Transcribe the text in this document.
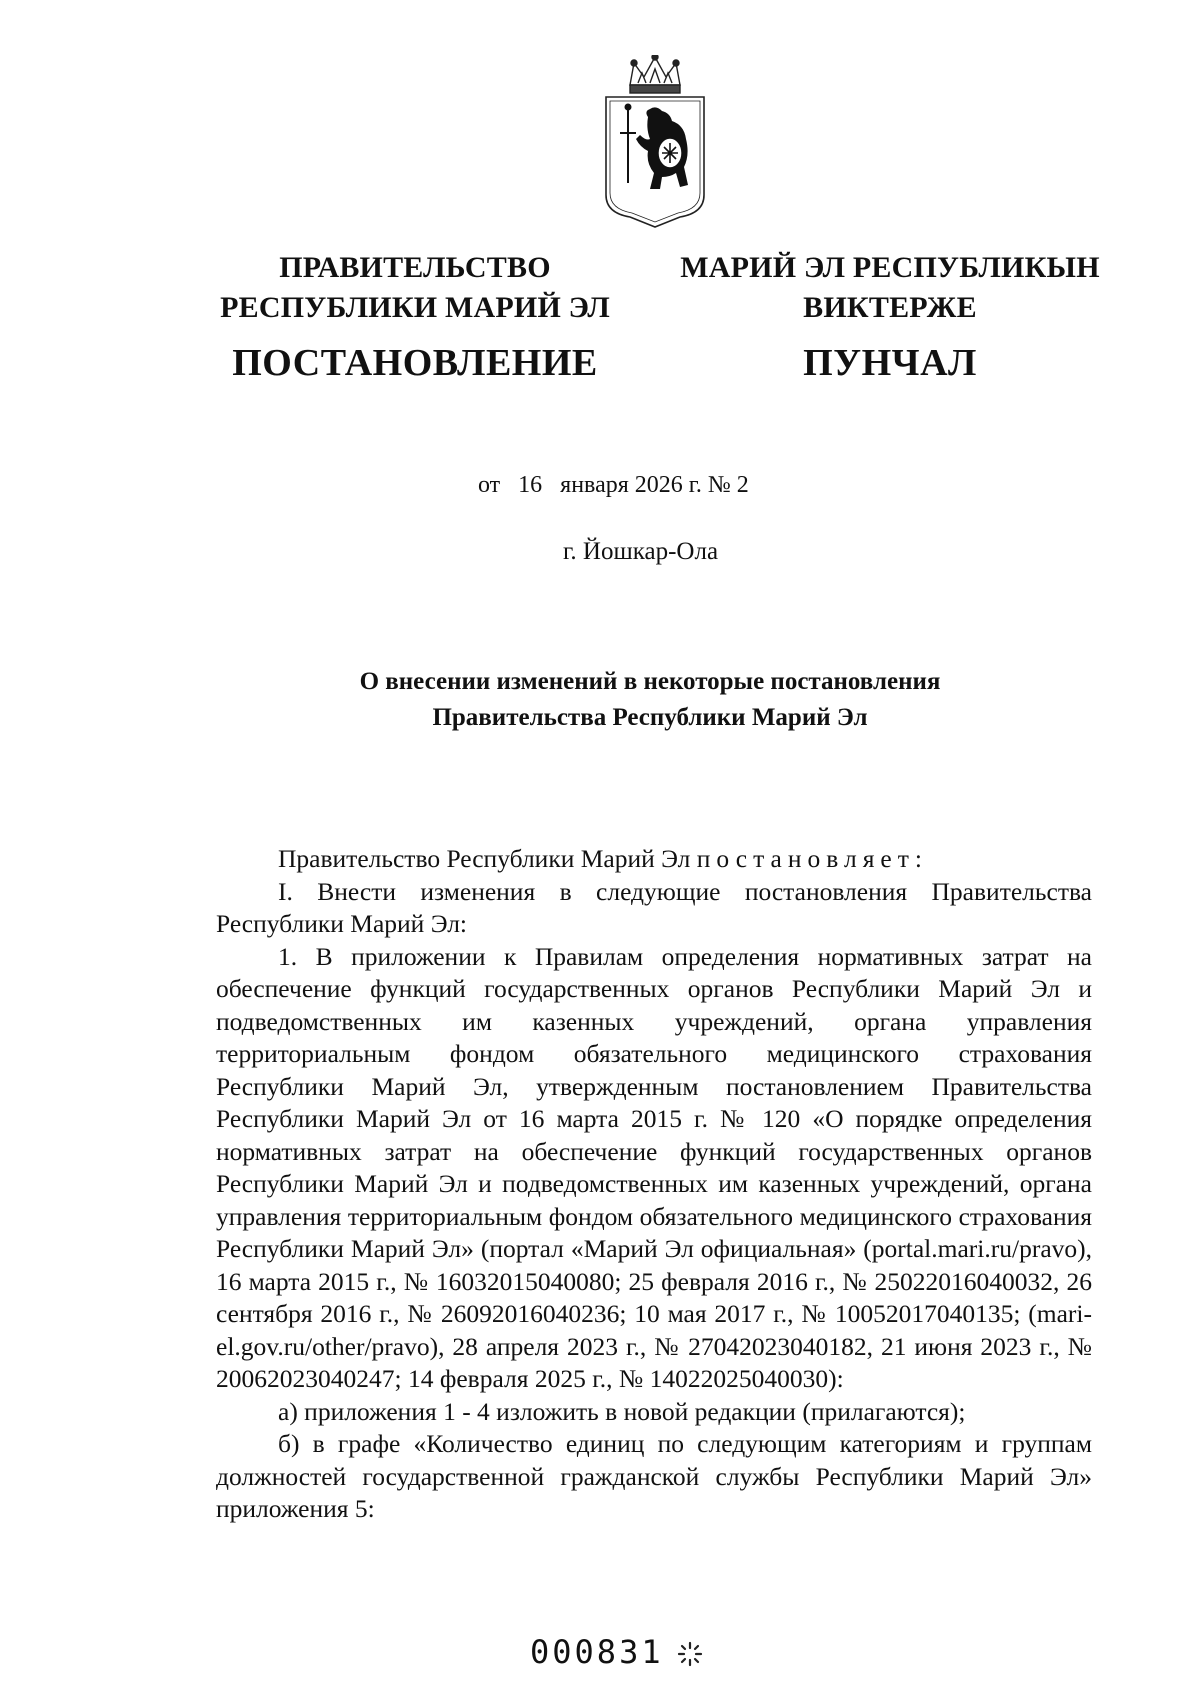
ПРАВИТЕЛЬСТВО
РЕСПУБЛИКИ МАРИЙ ЭЛ
ПОСТАНОВЛЕНИЕ
МАРИЙ ЭЛ РЕСПУБЛИКЫН
ВИКТЕРЖЕ
ПУНЧАЛ
от 16 января 2026 г. № 2
г. Йошкар-Ола
О внесении изменений в некоторые постановления
Правительства Республики Марий Эл

Правительство Республики Марий Эл постановляет:

I. Внести изменения в следующие постановления Правительства Республики Марий Эл:

1. В приложении к Правилам определения нормативных затрат на обеспечение функций государственных органов Республики Марий Эл и подведомственных им казенных учреждений, органа управления территориальным фондом обязательного медицинского страхования Республики Марий Эл, утвержденным постановлением Правительства Республики Марий Эл от 16 марта 2015 г. № 120 «О порядке определения нормативных затрат на обеспечение функций государственных органов Республики Марий Эл и подведомственных им казенных учреждений, органа управления территориальным фондом обязательного медицинского страхования Республики Марий Эл» (портал «Марий Эл официальная» (portal.mari.ru/pravo), 16 марта 2015 г., № 16032015040080; 25 февраля 2016 г., № 25022016040032, 26 сентября 2016 г., № 26092016040236; 10 мая 2017 г., № 10052017040135; (mari-el.gov.ru/other/pravo), 28 апреля 2023 г., № 27042023040182, 21 июня 2023 г., № 20062023040247; 14 февраля 2025 г., № 14022025040030):

а) приложения 1 - 4 изложить в новой редакции (прилагаются);

б) в графе «Количество единиц по следующим категориям и группам должностей государственной гражданской службы Республики Марий Эл» приложения 5:

000831
